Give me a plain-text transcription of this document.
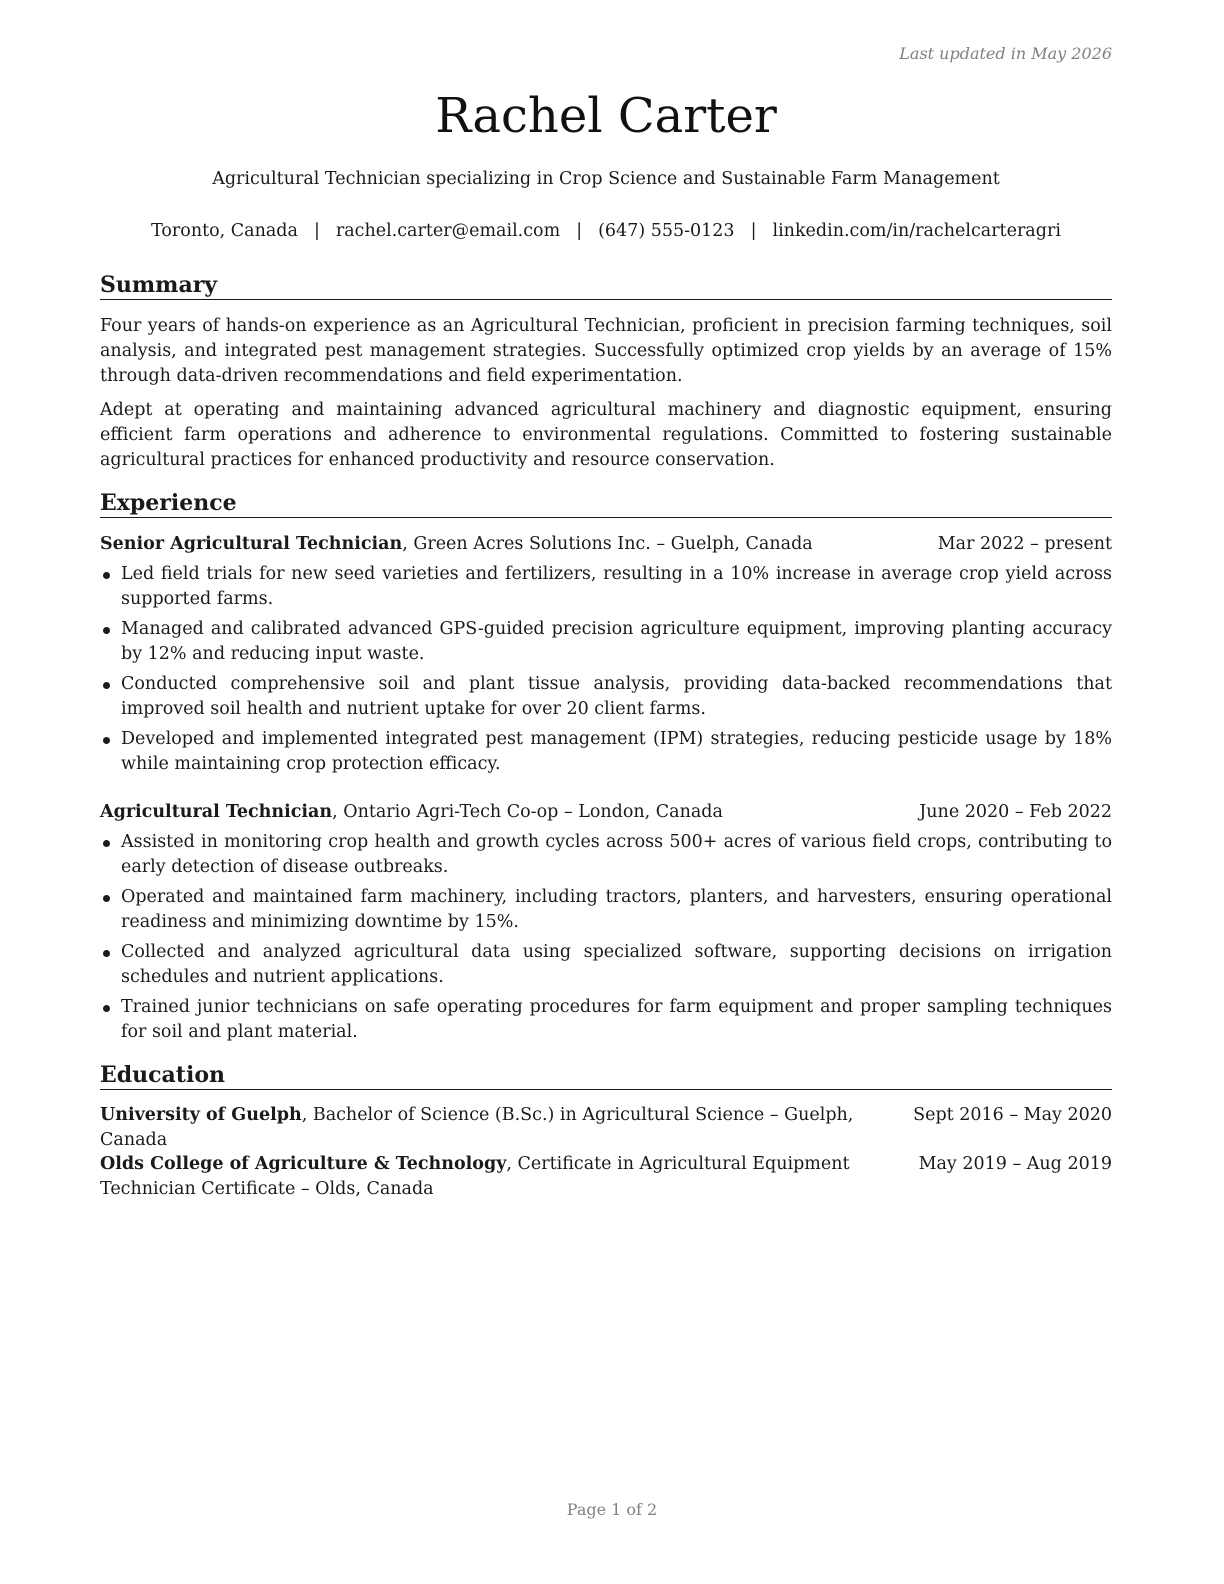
Last updated in May 2026
Rachel Carter
Agricultural Technician specializing in Crop Science and Sustainable Farm Management
Toronto, Canada | rachel.carter@email.com | (647) 555-0123 | linkedin.com/in/rachelcarteragri
Summary

Four years of hands-on experience as an Agricultural Technician, proficient in precision farming techniques, soil analysis, and integrated pest management strategies. Successfully optimized crop yields by an average of 15% through data-driven recommendations and field experimentation.

Adept at operating and maintaining advanced agricultural machinery and diagnostic equipment, ensuring efficient farm operations and adherence to environmental regulations. Committed to fostering sustainable agricultural practices for enhanced productivity and resource conservation.

Experience
Senior Agricultural Technician, Green Acres Solutions Inc. – Guelph, Canada	Mar 2022 – present
Led field trials for new seed varieties and fertilizers, resulting in a 10% increase in average crop yield across supported farms.
Managed and calibrated advanced GPS-guided precision agriculture equipment, improving planting accuracy by 12% and reducing input waste.
Conducted comprehensive soil and plant tissue analysis, providing data-backed recommendations that improved soil health and nutrient uptake for over 20 client farms.
Developed and implemented integrated pest management (IPM) strategies, reducing pesticide usage by 18% while maintaining crop protection efficacy.
Agricultural Technician, Ontario Agri-Tech Co-op – London, Canada	June 2020 – Feb 2022
Assisted in monitoring crop health and growth cycles across 500+ acres of various field crops, contributing to early detection of disease outbreaks.
Operated and maintained farm machinery, including tractors, planters, and harvesters, ensuring operational readiness and minimizing downtime by 15%.
Collected and analyzed agricultural data using specialized software, supporting decisions on irrigation schedules and nutrient applications.
Trained junior technicians on safe operating procedures for farm equipment and proper sampling techniques for soil and plant material.
Education
University of Guelph, Bachelor of Science (B.Sc.) in Agricultural Science – Guelph, Canada
Sept 2016 – May 2020
Olds College of Agriculture & Technology, Certificate in Agricultural Equipment Technician Certificate – Olds, Canada
May 2019 – Aug 2019
Page 1 of 2
